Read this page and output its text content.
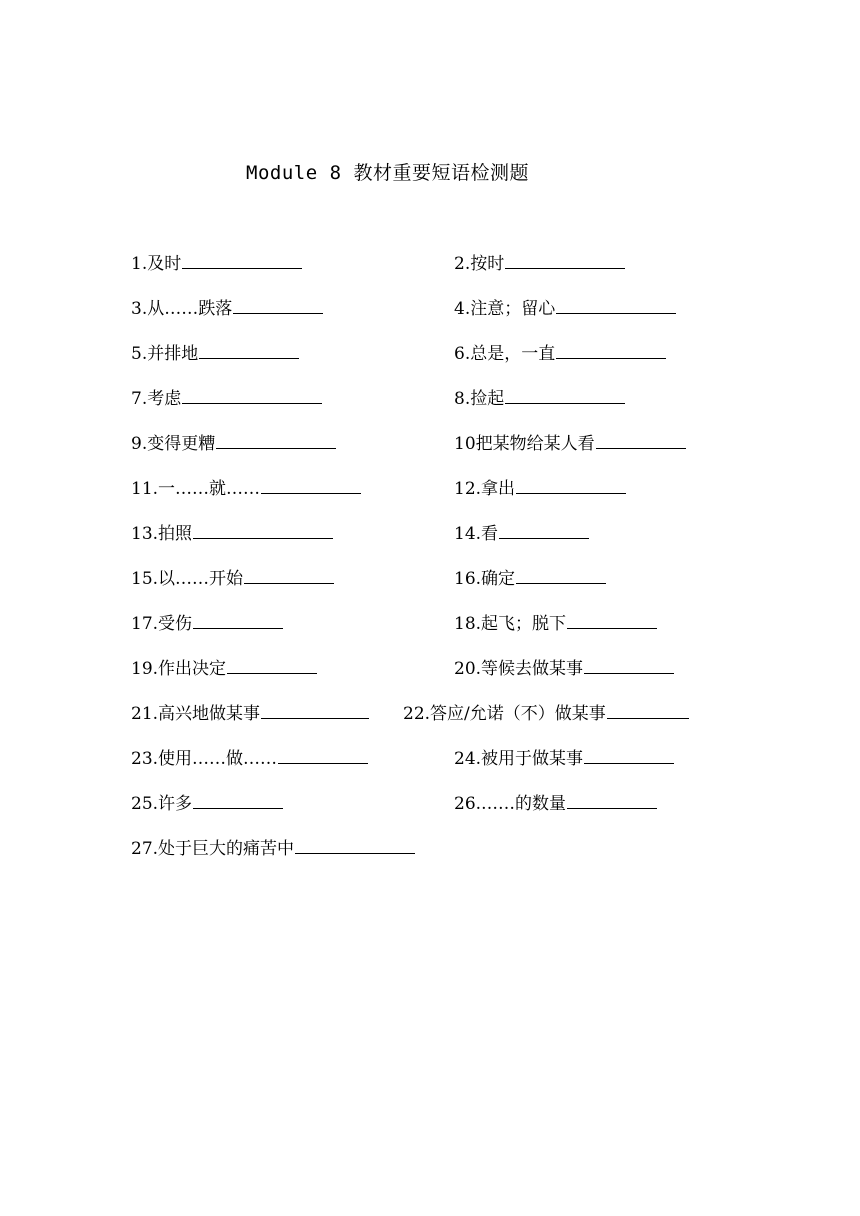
Module 8 教材重要短语检测题
1.及时	2.按时
3.从……跌落	4.注意；留心
5.并排地	6.总是，一直
7.考虑	8.捡起
9.变得更糟	10把某物给某人看
11.一……就……	12.拿出
13.拍照	14.看
15.以……开始	16.确定
17.受伤	18.起飞；脱下
19.作出决定	20.等候去做某事
21.高兴地做某事	22.答应/允诺（不）做某事
23.使用……做……	24.被用于做某事
25.许多	26.……的数量
27.处于巨大的痛苦中
